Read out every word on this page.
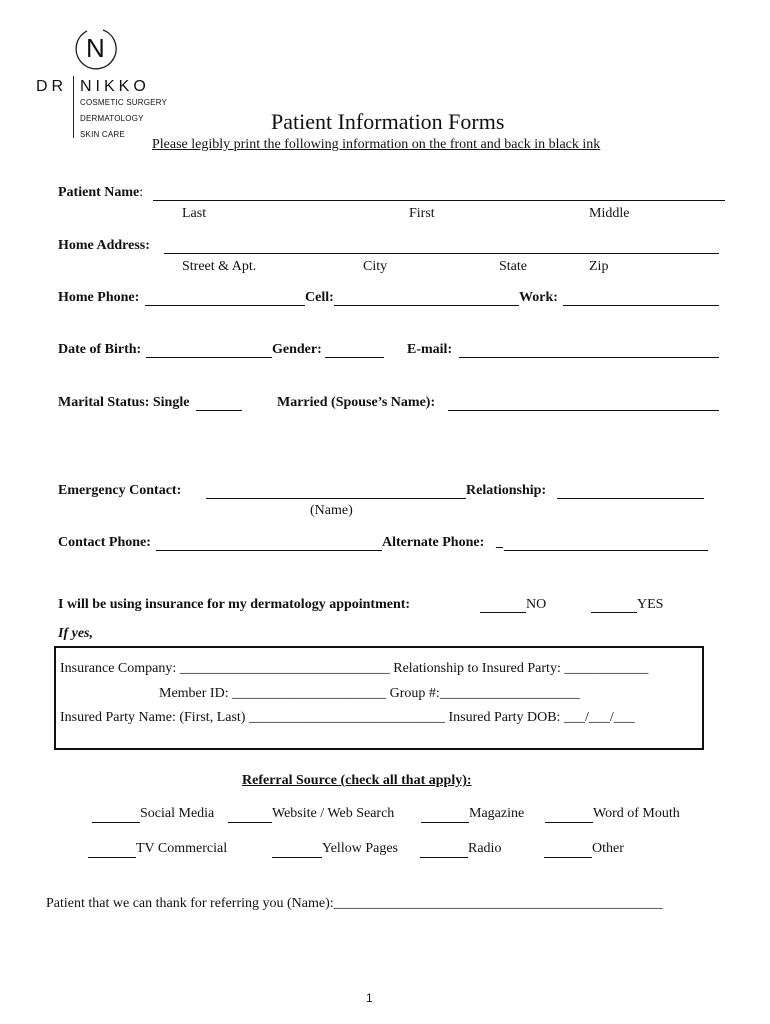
N
DR NIKKO
COSMETIC SURGERY
DERMATOLOGY
SKIN CARE
Patient Information Forms
Please legibly print the following information on the front and back in black ink
Patient Name:
Last	First	Middle
Home Address:
Street & Apt.	City	State	Zip
Home Phone:	Cell:	Work:
Date of Birth:	Gender:	E-mail:
Marital Status: Single	Married (Spouse’s Name):
Emergency Contact:	Relationship:
(Name)
Contact Phone:	Alternate Phone: _
I will be using insurance for my dermatology appointment:	NO	YES
If yes,
Insurance Company: ______________________________ Relationship to Insured Party: ____________
Member ID: ______________________ Group #:____________________
Insured Party Name: (First, Last) ____________________________ Insured Party DOB: ___/___/___
Referral Source (check all that apply):
Social Media	Website / Web Search	Magazine	Word of Mouth
TV Commercial	Yellow Pages	Radio	Other
Patient that we can thank for referring you (Name):_______________________________________________
1
